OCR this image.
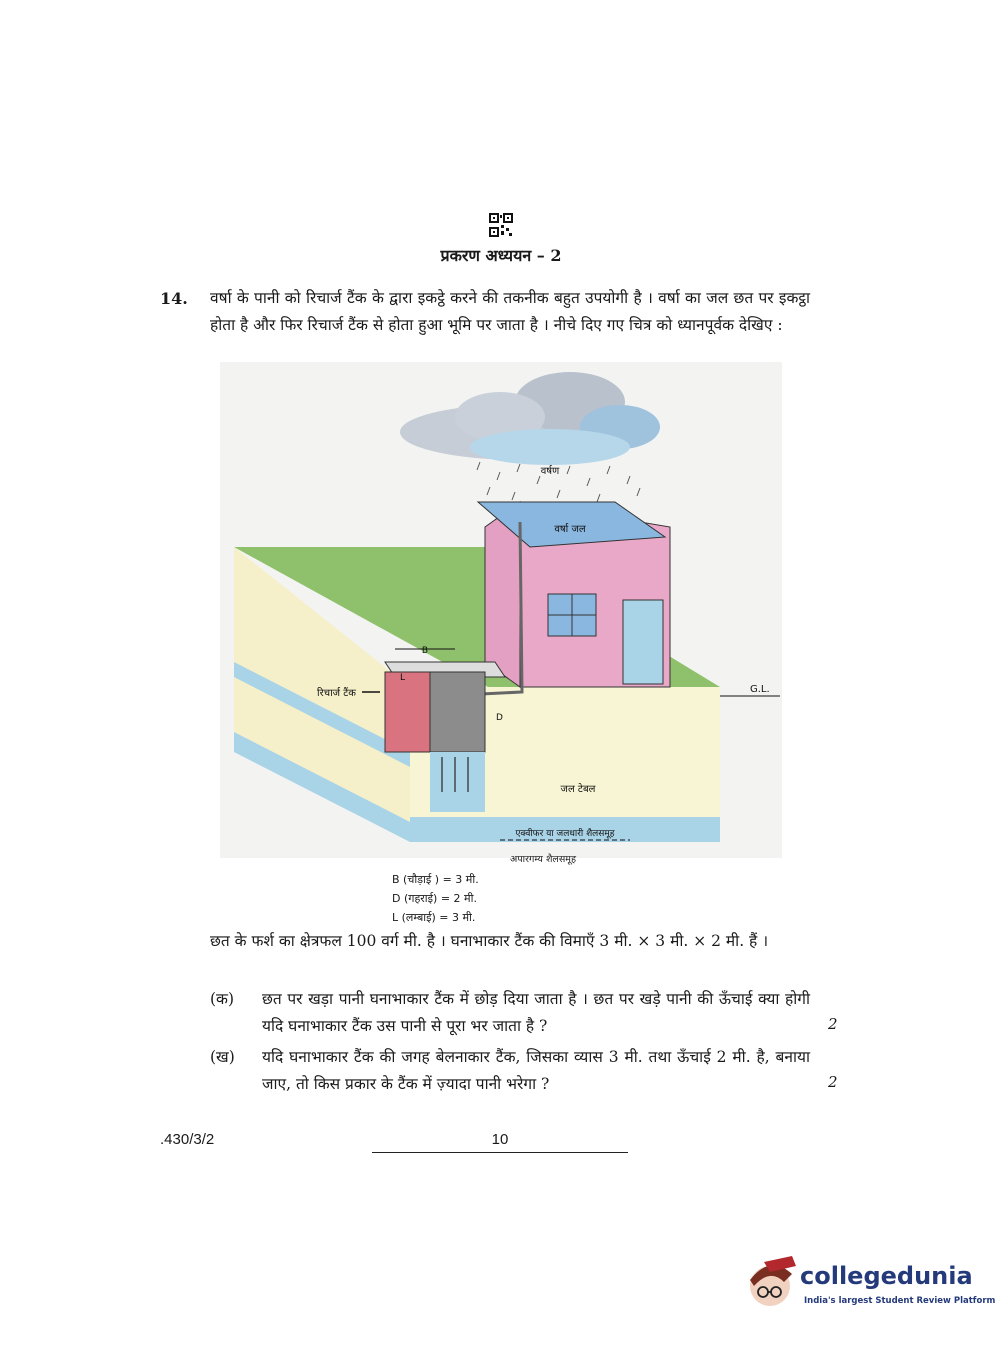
प्रकरण अध्ययन – 2
14. वर्षा के पानी को रिचार्ज टैंक के द्वारा इकट्ठे करने की तकनीक बहुत उपयोगी है । वर्षा का जल छत पर इकट्ठा होता है और फिर रिचार्ज टैंक से होता हुआ भूमि पर जाता है । नीचे दिए गए चित्र को ध्यानपूर्वक देखिए :
वर्षण
वर्षा जल
B
L
D
रिचार्ज टैंक	G.L.
जल टेबल
एक्वीफर या जलधारी शैलसमूह
अपारगम्य शैलसमूह
B (चौड़ाई ) = 3 मी.
D (गहराई) = 2 मी.
L (लम्बाई) = 3 मी.
छत के फर्श का क्षेत्रफल 100 वर्ग मी. है । घनाभाकार टैंक की विमाएँ 3 मी. × 3 मी. × 2 मी. हैं ।
(क) छत पर खड़ा पानी घनाभाकार टैंक में छोड़ दिया जाता है । छत पर खड़े पानी की ऊँचाई क्या होगी यदि घनाभाकार टैंक उस पानी से पूरा भर जाता है ?	2
(ख) यदि घनाभाकार टैंक की जगह बेलनाकार टैंक, जिसका व्यास 3 मी. तथा ऊँचाई 2 मी. है, बनाया जाए, तो किस प्रकार के टैंक में ज़्यादा पानी भरेगा ?	2
.430/3/2	10
collegedunia
India's largest Student Review Platform
